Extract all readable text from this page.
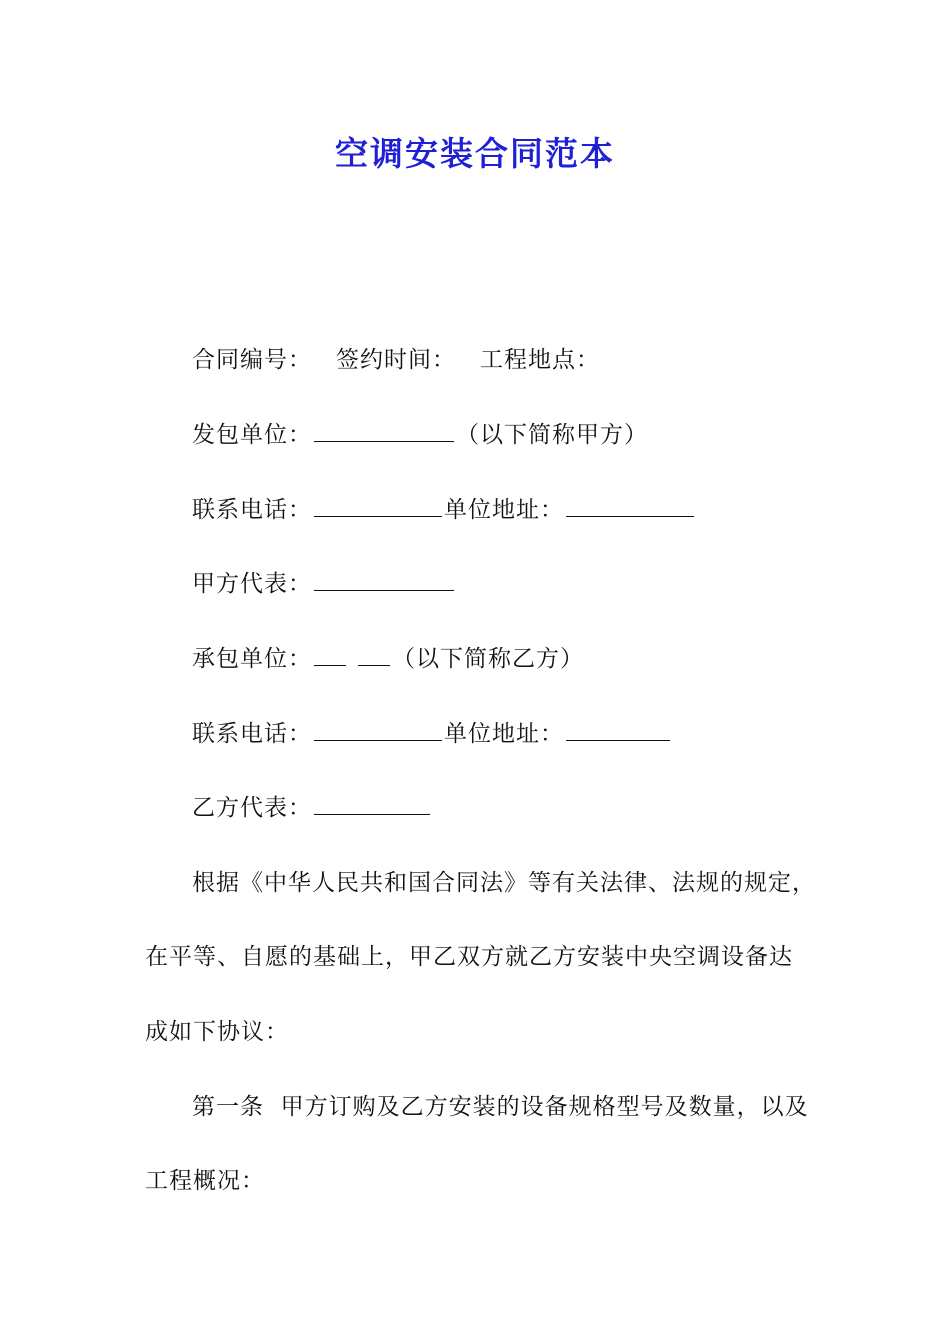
空调安装合同范本
合同编号： 签约时间： 工程地点：
发包单位：	（以下简称甲方）
联系电话：	单位地址：
甲方代表：
承包单位：	（以下简称乙方）
联系电话：	单位地址：
乙方代表：
根据《中华人民共和国合同法》等有关法律、法规的规定，
在平等、自愿的基础上，甲乙双方就乙方安装中央空调设备达
成如下协议：
第一条  甲方订购及乙方安装的设备规格型号及数量，以及
工程概况：
